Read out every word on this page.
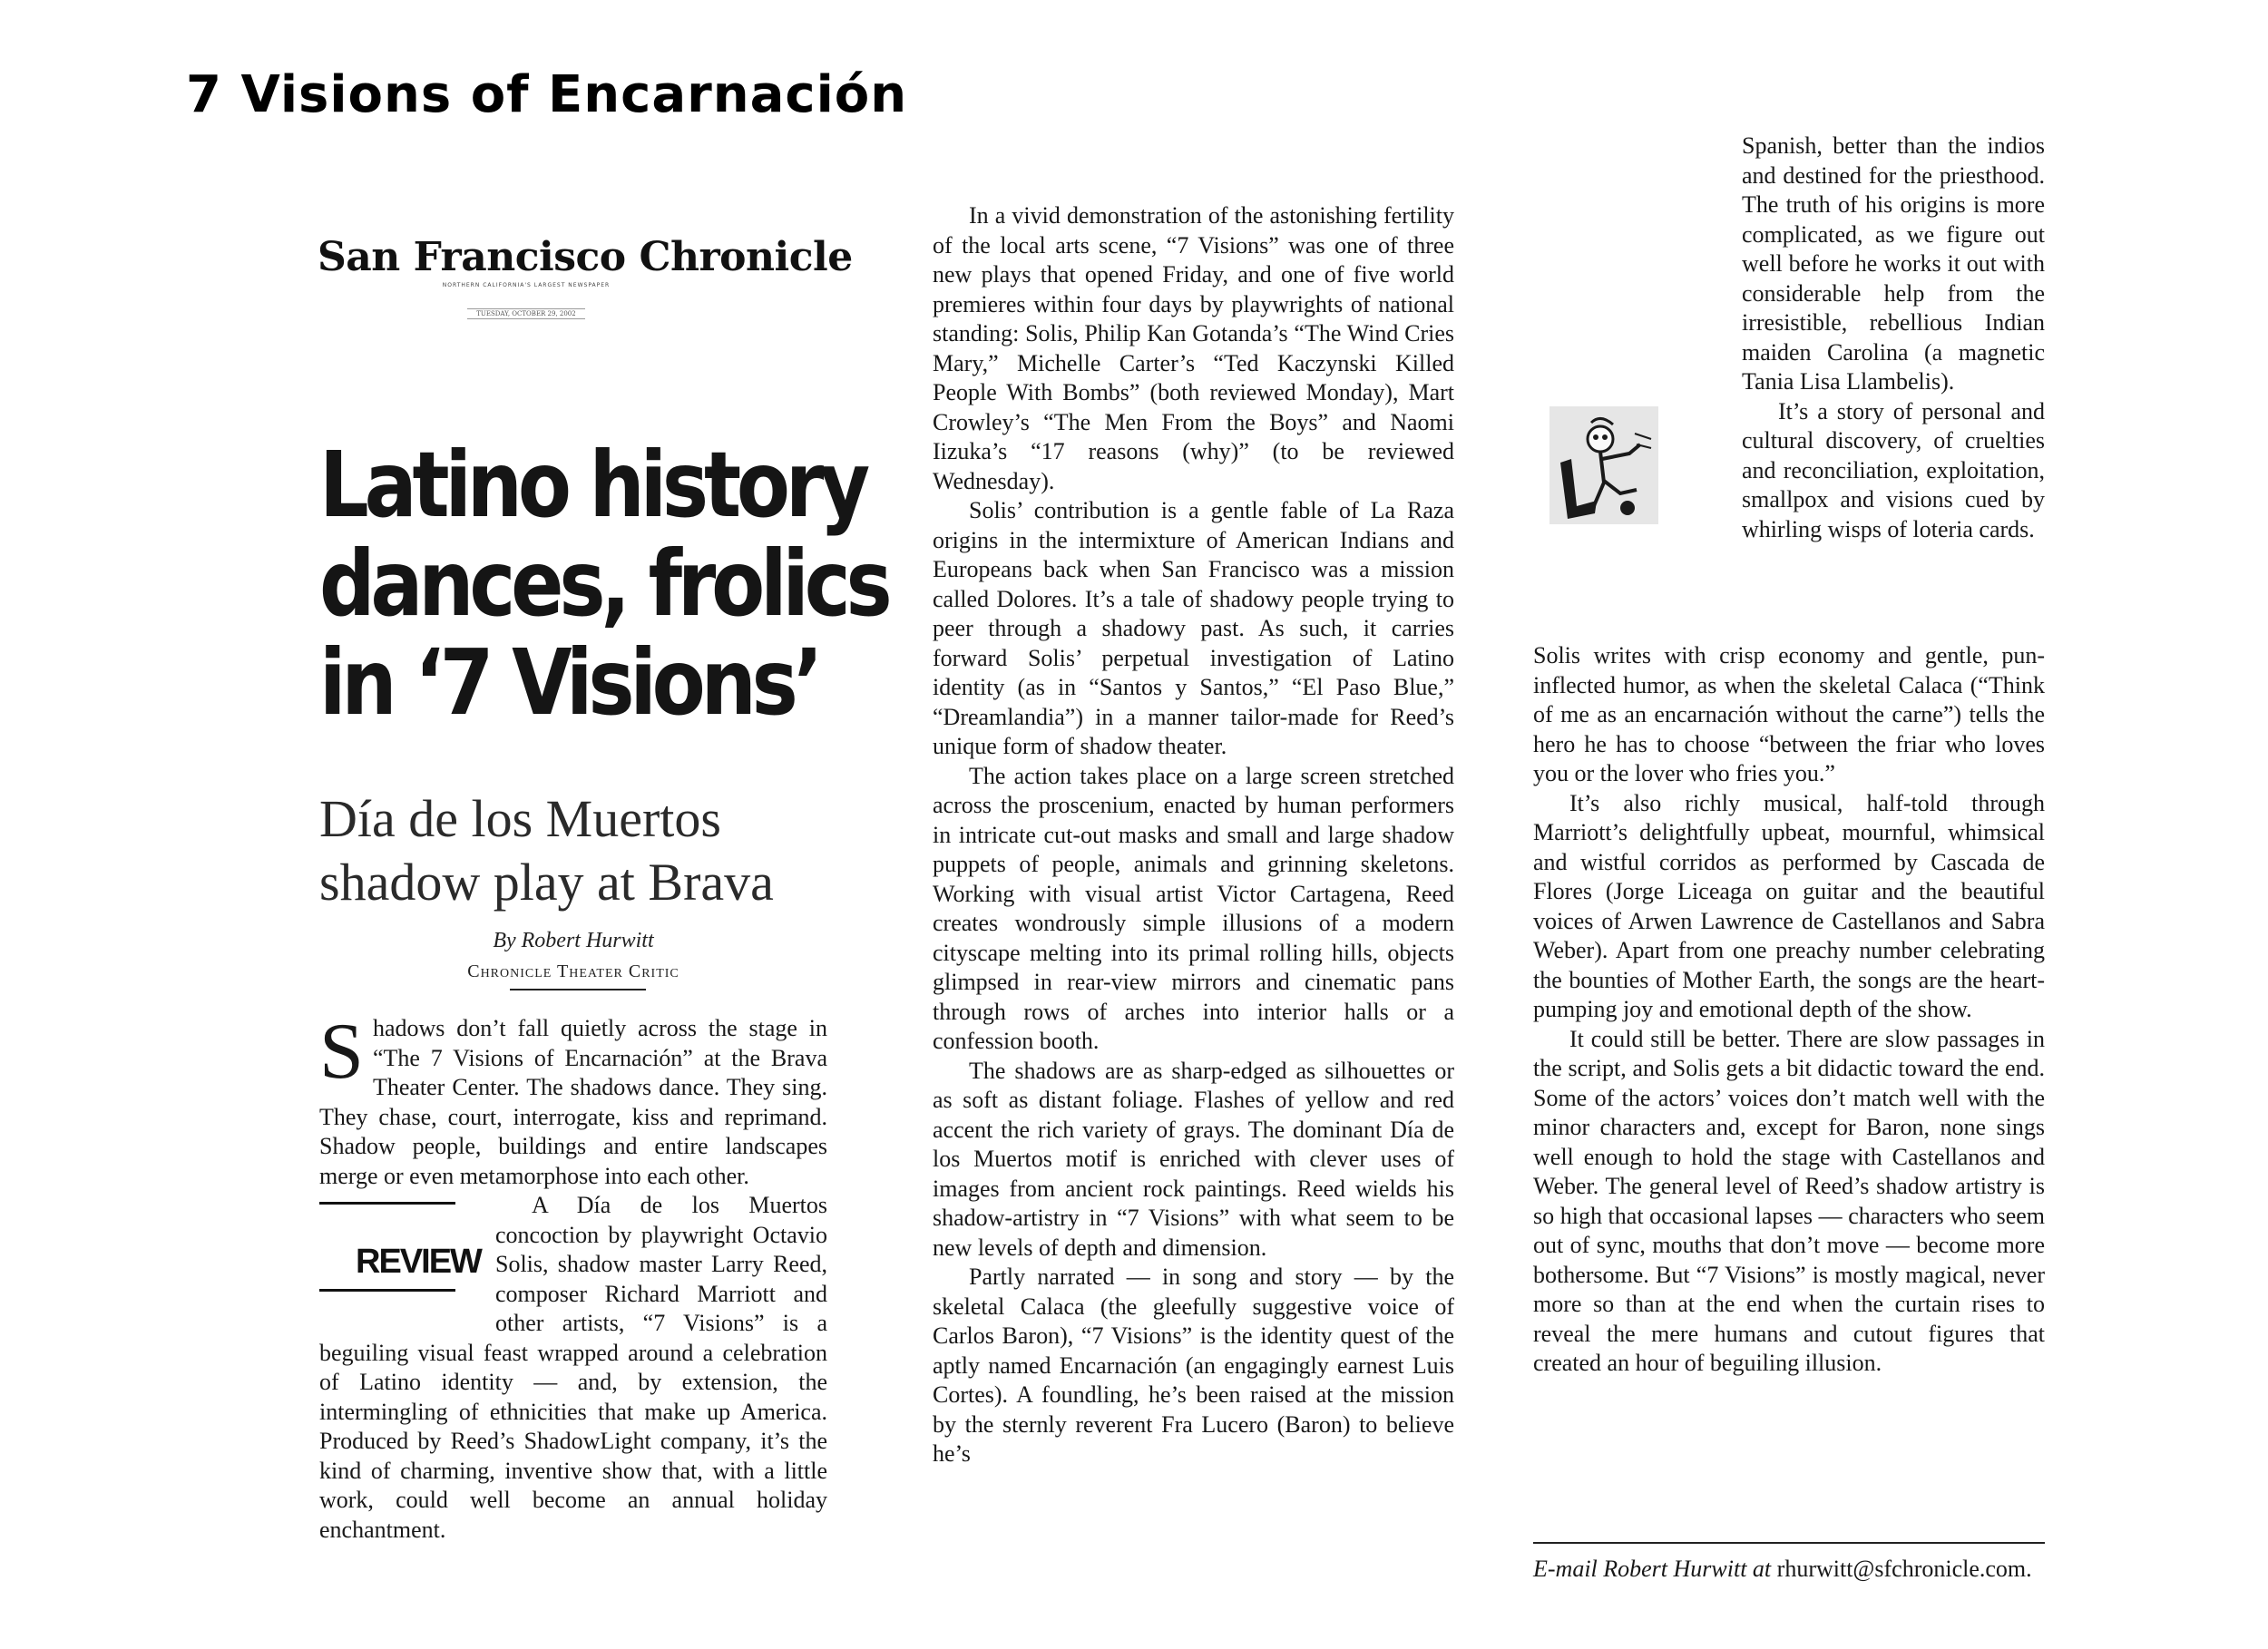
7 Visions of Encarnación
San Francisco Chronicle
NORTHERN CALIFORNIA'S LARGEST NEWSPAPER
TUESDAY, OCTOBER 29, 2002
Latino history
dances, frolics
in ‘7 Visions’
Día de los Muertos
shadow play at Brava
By Robert Hurwitt
Chronicle Theater Critic

Shadows don’t fall quietly across the stage in “The 7 Visions of Encarnación” at the Brava Theater Center. The shadows dance. They sing. They chase, court, interrogate, kiss and reprimand. Shadow people, buildings and entire landscapes merge or even metamorphose into each other.

REVIEW
A Día de los Muertos concoction by playwright Octavio Solis, shadow master Larry Reed, composer Richard Marriott and other artists, “7 Visions” is a beguiling visual feast wrapped around a celebration of Latino identity — and, by extension, the intermingling of ethnicities that make up America. Produced by Reed’s ShadowLight company, it’s the kind of charming, inventive show that, with a little work, could well become an annual holiday enchantment.

In a vivid demonstration of the astonishing fertility of the local arts scene, “7 Visions” was one of three new plays that opened Friday, and one of five world premieres within four days by playwrights of national standing: Solis, Philip Kan Gotanda’s “The Wind Cries Mary,” Michelle Carter’s “Ted Kaczynski Killed People With Bombs” (both reviewed Monday), Mart Crowley’s “The Men From the Boys” and Naomi Iizuka’s “17 reasons (why)” (to be reviewed Wednesday).

Solis’ contribution is a gentle fable of La Raza origins in the intermixture of American Indians and Europeans back when San Francisco was a mission called Dolores. It’s a tale of shadowy people trying to peer through a shadowy past. As such, it carries forward Solis’ perpetual investigation of Latino identity (as in “Santos y Santos,” “El Paso Blue,” “Dreamlandia”) in a manner tailor-made for Reed’s unique form of shadow theater.

The action takes place on a large screen stretched across the proscenium, enacted by human performers in intricate cut-out masks and small and large shadow puppets of people, animals and grinning skeletons. Working with visual artist Victor Cartagena, Reed creates wondrously simple illusions of a modern cityscape melting into its primal rolling hills, objects glimpsed in rear-view mirrors and cinematic pans through rows of arches into interior halls or a confession booth.

The shadows are as sharp-edged as silhouettes or as soft as distant foliage. Flashes of yellow and red accent the rich variety of grays. The dominant Día de los Muertos motif is enriched with clever uses of images from ancient rock paintings. Reed wields his shadow-artistry in “7 Visions” with what seem to be new levels of depth and dimension.

Partly narrated — in song and story — by the skeletal Calaca (the gleefully suggestive voice of Carlos Baron), “7 Visions” is the identity quest of the aptly named Encarnación (an engagingly earnest Luis Cortes). A foundling, he’s been raised at the mission by the sternly reverent Fra Lucero (Baron) to believe he’s

Spanish, better than the indios and destined for the priesthood. The truth of his origins is more complicated, as we figure out well before he works it out with considerable help from the irresistible, rebellious Indian maiden Carolina (a magnetic Tania Lisa Llambelis).

It’s a story of personal and cultural discovery, of cruelties and reconciliation, exploitation, smallpox and visions cued by whirling wisps of loteria cards.

Solis writes with crisp economy and gentle, pun-inflected humor, as when the skeletal Calaca (“Think of me as an encarnación without the carne”) tells the hero he has to choose “between the friar who loves you or the lover who fries you.”

It’s also richly musical, half-told through Marriott’s delightfully upbeat, mournful, whimsical and wistful corridos as performed by Cascada de Flores (Jorge Liceaga on guitar and the beautiful voices of Arwen Lawrence de Castellanos and Sabra Weber). Apart from one preachy number celebrating the bounties of Mother Earth, the songs are the heart-pumping joy and emotional depth of the show.

It could still be better. There are slow passages in the script, and Solis gets a bit didactic toward the end. Some of the actors’ voices don’t match well with the minor characters and, except for Baron, none sings well enough to hold the stage with Castellanos and Weber. The general level of Reed’s shadow artistry is so high that occasional lapses — characters who seem out of sync, mouths that don’t move — become more bothersome. But “7 Visions” is mostly magical, never more so than at the end when the curtain rises to reveal the mere humans and cutout figures that created an hour of beguiling illusion.

E-mail Robert Hurwitt at rhurwitt@sfchronicle.com.
